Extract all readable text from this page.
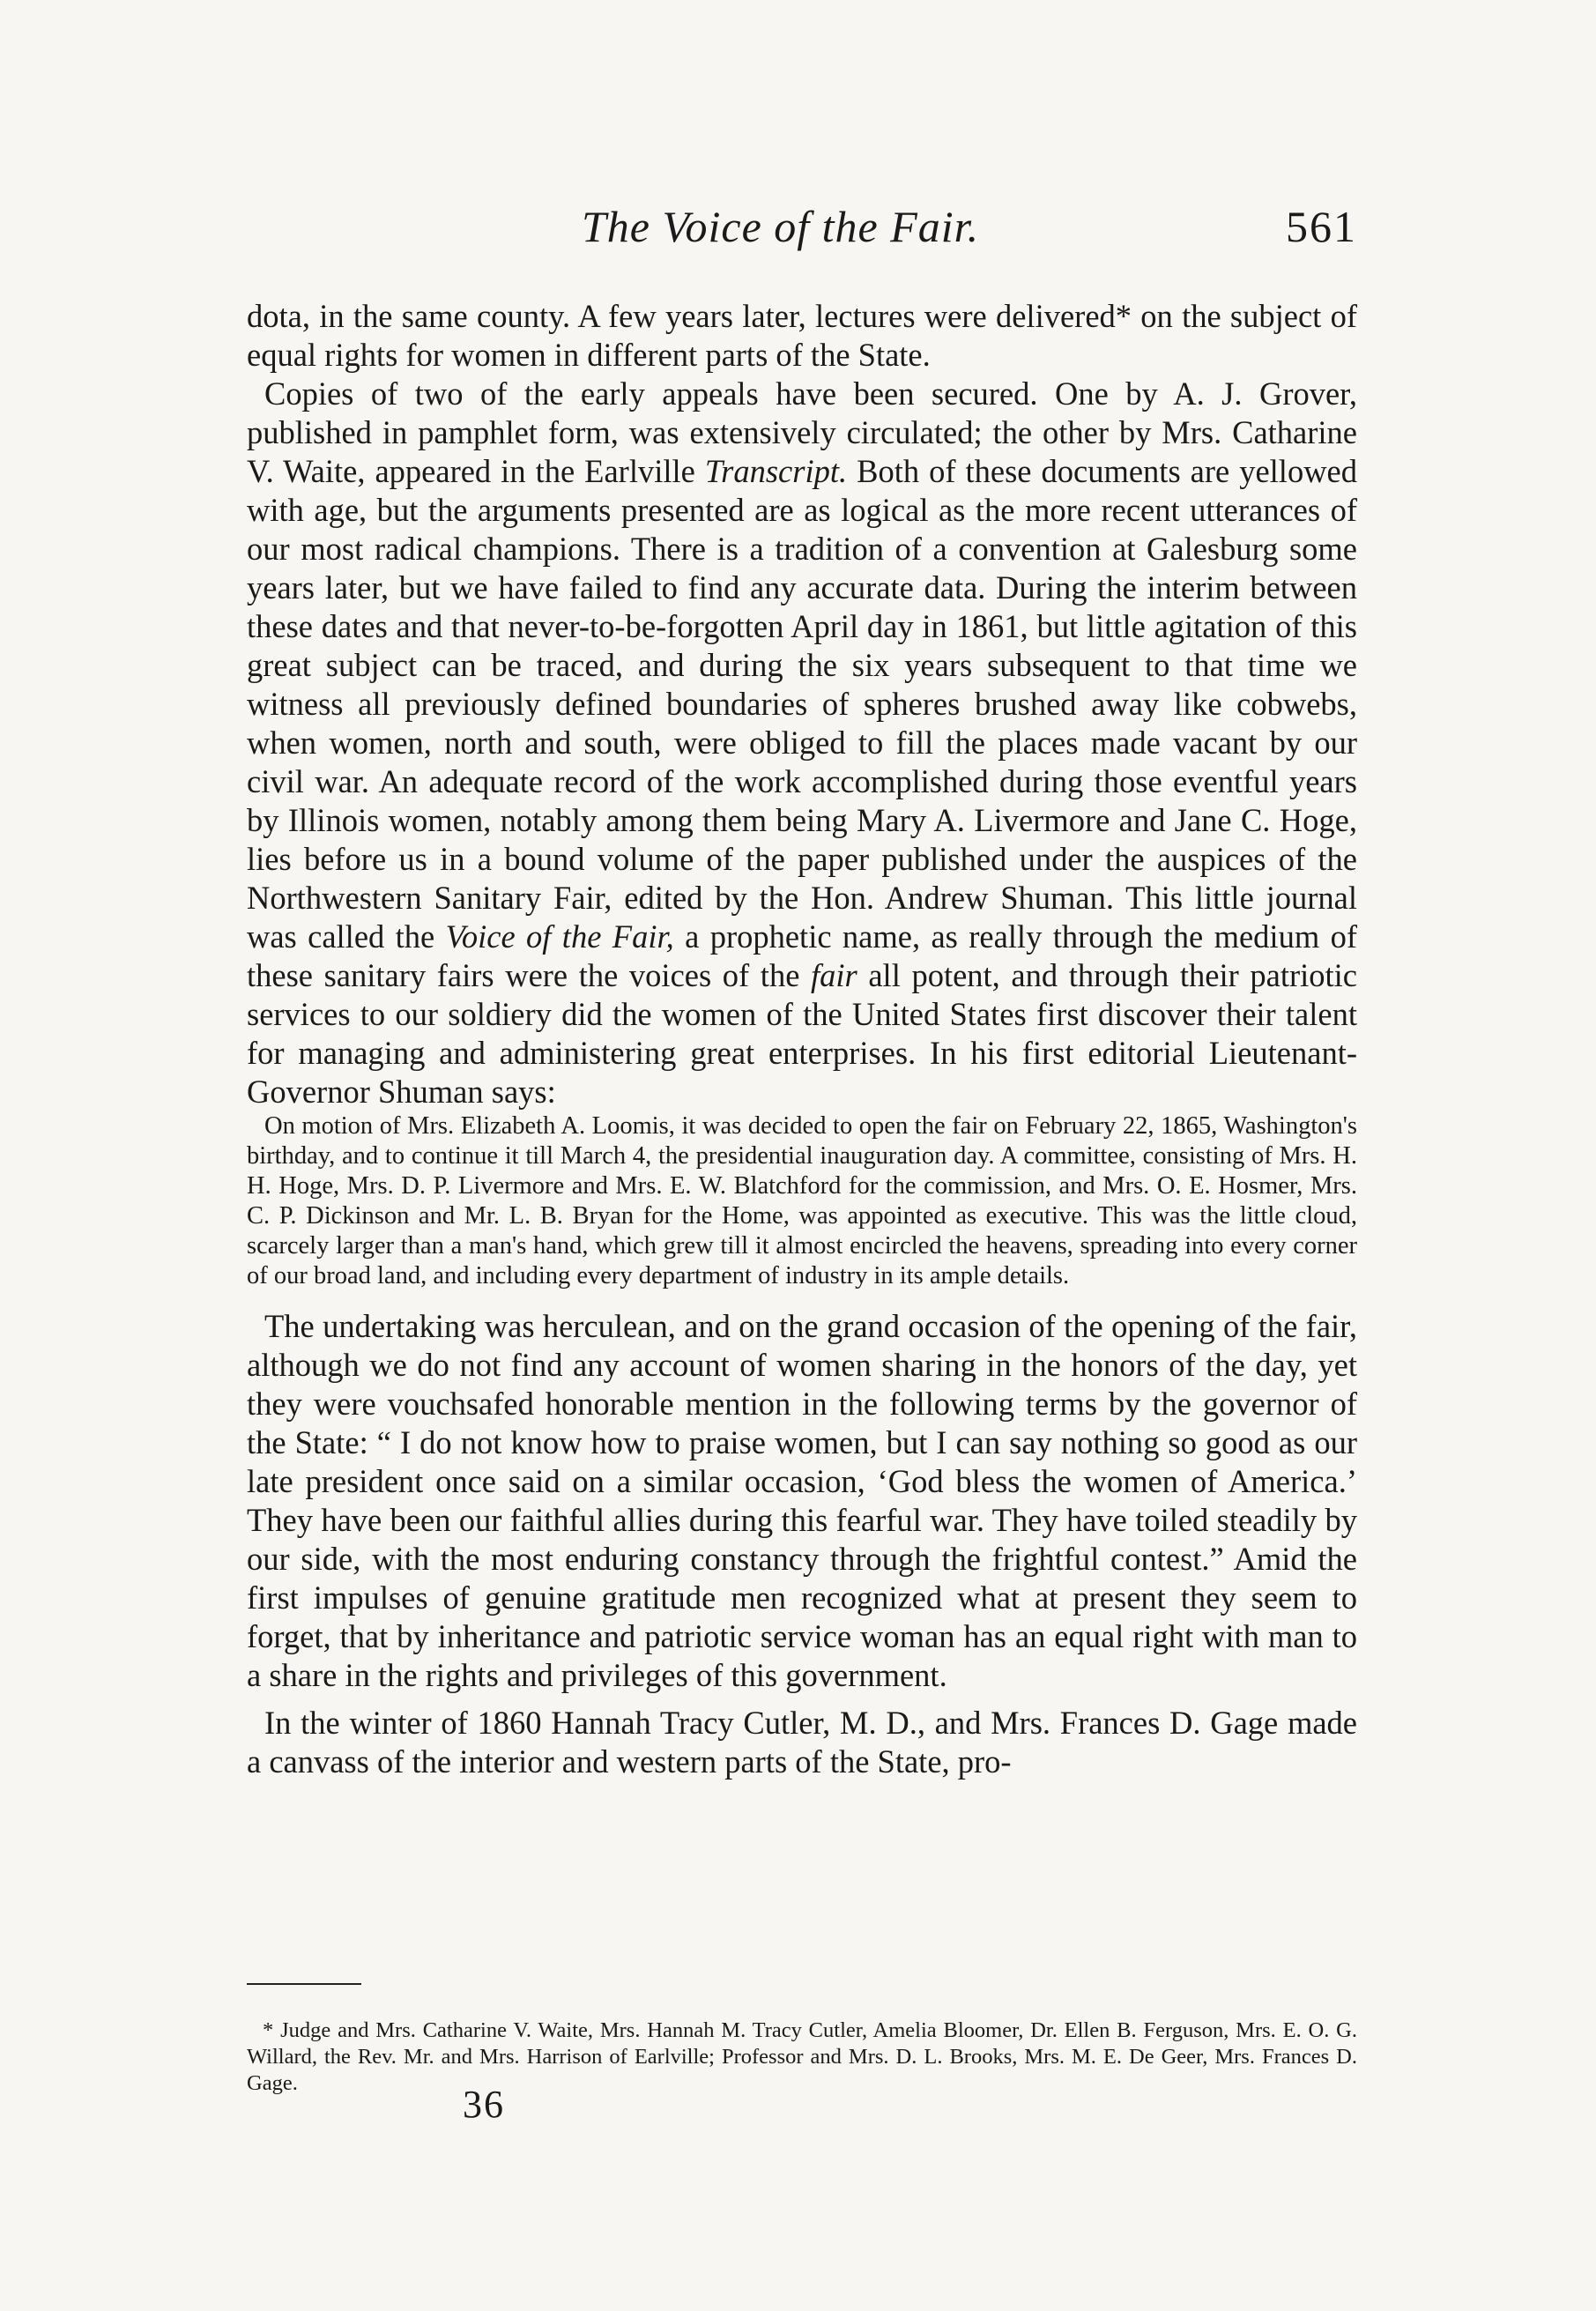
The Voice of the Fair.	561

dota, in the same county. A few years later, lectures were delivered* on the subject of equal rights for women in different parts of the State.

Copies of two of the early appeals have been secured. One by A. J. Grover, published in pamphlet form, was extensively circulated; the other by Mrs. Catharine V. Waite, appeared in the Earlville Transcript. Both of these documents are yellowed with age, but the arguments presented are as logical as the more recent utterances of our most radical champions. There is a tradition of a convention at Galesburg some years later, but we have failed to find any accurate data. During the interim between these dates and that never-to-be-forgotten April day in 1861, but little agitation of this great subject can be traced, and during the six years subsequent to that time we witness all previously defined boundaries of spheres brushed away like cobwebs, when women, north and south, were obliged to fill the places made vacant by our civil war. An adequate record of the work accomplished during those eventful years by Illinois women, notably among them being Mary A. Livermore and Jane C. Hoge, lies before us in a bound volume of the paper published under the auspices of the Northwestern Sanitary Fair, edited by the Hon. Andrew Shuman. This little journal was called the Voice of the Fair, a prophetic name, as really through the medium of these sanitary fairs were the voices of the fair all potent, and through their patriotic services to our soldiery did the women of the United States first discover their talent for managing and administering great enterprises. In his first editorial Lieutenant-Governor Shuman says:

On motion of Mrs. Elizabeth A. Loomis, it was decided to open the fair on February 22, 1865, Washington's birthday, and to continue it till March 4, the presidential inauguration day. A committee, consisting of Mrs. H. H. Hoge, Mrs. D. P. Livermore and Mrs. E. W. Blatchford for the commission, and Mrs. O. E. Hosmer, Mrs. C. P. Dickinson and Mr. L. B. Bryan for the Home, was appointed as executive. This was the little cloud, scarcely larger than a man's hand, which grew till it almost encircled the heavens, spreading into every corner of our broad land, and including every department of industry in its ample details.

The undertaking was herculean, and on the grand occasion of the opening of the fair, although we do not find any account of women sharing in the honors of the day, yet they were vouchsafed honorable mention in the following terms by the governor of the State: “ I do not know how to praise women, but I can say nothing so good as our late president once said on a similar occasion, ‘God bless the women of America.’ They have been our faithful allies during this fearful war. They have toiled steadily by our side, with the most enduring constancy through the frightful contest.” Amid the first impulses of genuine gratitude men recognized what at present they seem to forget, that by inheritance and patriotic service woman has an equal right with man to a share in the rights and privileges of this government.

In the winter of 1860 Hannah Tracy Cutler, M. D., and Mrs. Frances D. Gage made a canvass of the interior and western parts of the State, pro-

* Judge and Mrs. Catharine V. Waite, Mrs. Hannah M. Tracy Cutler, Amelia Bloomer, Dr. Ellen B. Ferguson, Mrs. E. O. G. Willard, the Rev. Mr. and Mrs. Harrison of Earlville; Professor and Mrs. D. L. Brooks, Mrs. M. E. De Geer, Mrs. Frances D. Gage.	36
